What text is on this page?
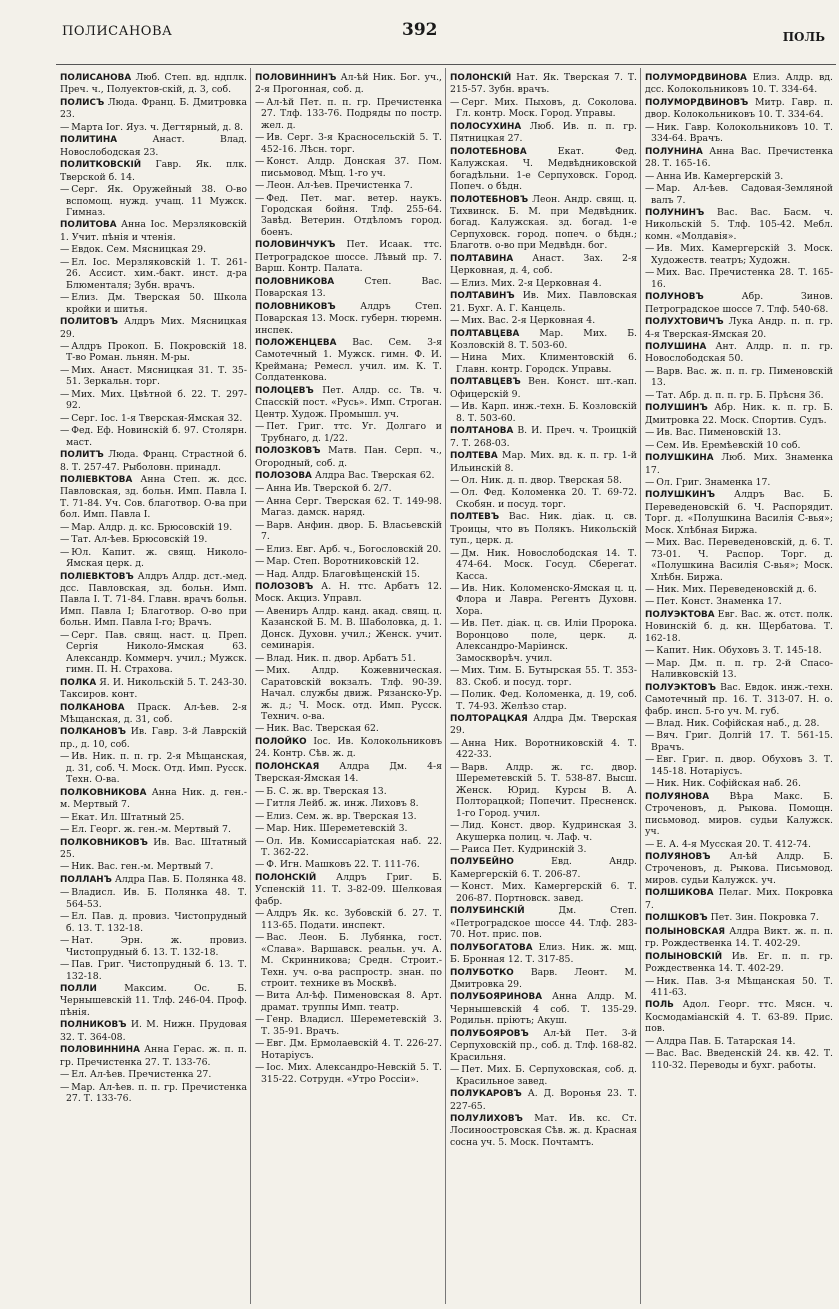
ПОЛИСАНОВА	392	ПОЛЬ
ПОЛИСАНОВА Люб. Степ. вд. ндплк. Преч. ч., Полуектов-скій, д. 3, соб.
ПОЛИСЪ Люда. Франц. Б. Дмитровка 23.
— Марта Іог. Яуз. ч. Дегтярный, д. 8.
ПОЛИТИНА	Анаст. Влад. Новослободская 23.
ПОЛИТКОВСКІЙ Гавр. Як. плк. Тверской б. 14.
— Серг. Як. Оружейный 38. О-во вспомощ. нужд. учащ. 11 Мужск. Гимназ.
ПОЛИТОВА Анна Іос. Мерзляковскій 1. Учит. пѣнія и чтенія.
— Евдок. Сем. Мясницкая 29.
— Ел. Іос. Мерзляковскій 1. Т. 261-26. Ассист. хим.-бакт. инст. д-ра Блюменталя; Зубн. врачъ.
— Елиз. Дм. Тверская 50. Школа кройки и шитья.
ПОЛИТОВЪ Алдръ Мих. Мясницкая 29.
— Алдръ Прокоп. Б. Покровскій 18. Т-во Роман. льнян. М-ры.
— Мих. Анаст. Мясницкая 31. Т. 35-51. Зеркальн. торг.
— Мих. Мих. Цвѣтной б. 22. Т. 297-92.
— Серг. Іос. 1-я Тверская-Ямская 32.
— Фед. Еф. Новинскій б. 97. Столярн. маст.
ПОЛИТЪ Люда. Франц. Страстной б. 8. Т. 257-47. Рыболовн. принадл.
ПОЛІЕВКТОВА Анна Степ. ж. дсс. Павловская, зд. больн. Имп. Павла І. Т. 71-84. Уч. Сов. благотвор. О-ва при бол. Имп. Павла І.
— Мар. Алдр. д. кс. Брюсовскій 19.
— Тат. Ал-ѣев. Брюсовскій 19.
— Юл. Капит. ж. свящ. Николо-Ямская церк. д.
ПОЛІЕВКТОВЪ Алдръ Алдр. дст.-мед. дсс. Павловская, зд. больн. Имп. Павла І. Т. 71-84. Главн. врачъ больн. Имп. Павла І; Благотвор. О-во при больн. Имп. Павла І-го; Врачъ.
— Серг. Пав. свящ. наст. ц. Преп. Сергія Николо-Ямская 63. Александр. Коммерч. учил.; Мужск. гимн. П. Н. Страхова.
ПОЛКА Я. И. Никольскій 5. Т. 243-30. Таксиров. конт.
ПОЛКАНОВА Праск. Ал-ѣев. 2-я Мѣщанская, д. 31, соб.
ПОЛКАНОВЪ Ив. Гавр. 3-й Лаврскій пр., д. 10, соб.
— Ив. Ник. п. п. гр. 2-я Мѣщанская, д. 31, соб. Ч. Моск. Отд. Имп. Русск. Техн. О-ва.
ПОЛКОВНИКОВА Анна Ник. д. ген.-м. Мертвый 7.
— Екат. Ил. Штатный 25.
— Ел. Георг. ж. ген.-м. Мертвый 7.
ПОЛКОВНИКОВЪ Ив. Вас. Штатный 25.
— Ник. Вас. ген.-м. Мертвый 7.
ПОЛЛАНЪ Алдра Пав. Б. Полянка 48.
— Владисл. Ив. Б. Полянка 48. Т. 564-53.
— Ел. Пав. д. провиз. Чистопрудный б. 13. Т. 132-18.
— Нат. Эрн. ж. провиз. Чистопрудный б. 13. Т. 132-18.
— Пав. Григ. Чистопрудный б. 13. Т. 132-18.
ПОЛЛИ	Максим. Ос. Б. Чернышевскій 11. Тлф. 246-04. Проф. пѣнія.
ПОЛНИКОВЪ И. М. Нижн. Прудовая 32. Т. 364-08.
ПОЛОВИННИНА Анна Герас. ж. п. п. гр. Пречистенка 27. Т. 133-76.
— Ел. Ал-ѣев. Пречистенка 27.
— Мар. Ал-ѣев. п. п. гр. Пречистенка 27. Т. 133-76.
ПОЛОВИННИНЪ Ал-ѣй Ник. Бог. уч., 2-я Прогонная, соб. д.
— Ал-ѣй Пет. п. п. гр. Пречистенка 27. Тлф. 133-76. Подряды по постр. жел. д.
— Ив. Серг. 3-я Красносельскій 5. Т. 452-16. Лѣсн. торг.
— Конст. Алдр. Донская 37. Пом. письмовод. Мѣщ. 1-го уч.
— Леон. Ал-ѣев. Пречистенка 7.
— Фед. Пет. маг. ветер. наукъ. Городская бойня. Тлф. 255-64. Завѣд. Ветерин. Отдѣломъ город. боенъ.
ПОЛОВИНЧУКЪ Пет. Исаак. ттс. Петроградское шоссе. Лѣвый пр. 7. Варш. Контр. Палата.
ПОЛОВНИКОВА	Степ. Вас. Поварская 13.
ПОЛОВНИКОВЪ	Алдръ Степ. Поварская 13. Моск. губерн. тюремн. инспек.
ПОЛОЖЕНЦЕВА Вас. Сем. 3-я Самотечный 1. Мужск. гимн. Ф. И. Креймана; Ремесл. учил. им. К. Т. Солдатенкова.
ПОЛОЦЕВЪ Пет. Алдр. сс. Тв. ч. Спасскій пост. «Русь». Имп. Строган. Центр. Худож. Промышл. уч.
— Пет. Григ. ттс. Уг. Долгаго и Трубнаго, д. 1/22.
ПОЛОЗКОВЪ Матв. Пан. Серп. ч., Огородный, соб. д.
ПОЛОЗОВА Алдра Вас. Тверская 62.
— Анна Ив. Тверской б. 2/7.
— Анна Серг. Тверская 62. Т. 149-98. Магаз. дамск. наряд.
— Варв. Анфин. двор. Б. Власьевскій 7.
— Елиз. Евг. Арб. ч., Богословскій 20.
— Мар. Степ. Воротниковскій 12.
— Над. Алдр. Благовѣщенскій 15.
ПОЛОЗОВЪ А. Н. ттс. Арбатъ 12. Моск. Акциз. Управл.
— Авениръ Алдр. канд. акад. свящ. ц. Казанской Б. М. В. Шаболовка, д. 1. Донск. Духовн. учил.; Женск. учит. семинарія.
— Влад. Ник. п. двор. Арбатъ 51.
— Мих. Алдр. Кожевническая. Саратовскій вокзалъ. Тлф. 90-39. Начал. службы движ. Рязанско-Ур. ж. д.; Ч. Моск. отд. Имп. Русск. Технич. о-ва.
— Ник. Вас. Тверская 62.
ПОЛОЙКО Іос. Ив. Колокольниковъ 24. Контр. Сѣв. ж. д.
ПОЛОНСКАЯ Алдра Дм. 4-я Тверская-Ямская 14.
— Б. С. ж. вр. Тверская 13.
— Гитля Лейб. ж. инж. Лиховъ 8.
— Елиз. Сем. ж. вр. Тверская 13.
— Мар. Ник. Шереметевскій 3.
— Ол. Ив. Комиссаріатская наб. 22. Т. 362-22.
— Ф. Игн. Машковъ 22. Т. 111-76.
ПОЛОНСКІЙ Алдръ Григ. Б. Успенскій 11. Т. 3-82-09. Шелковая фабр.
— Алдръ Як. кс. Зубовскій б. 27. Т. 113-65. Подати. инспект.
— Вас. Леон. Б. Лубянка, гост. «Слава». Варшавск. реальн. уч. А. М. Скринникова; Средн. Строит.-Техн. уч. о-ва распростр. знан. по строит. технике въ Москвѣ.
— Вита Ал-ѣф. Пименовская 8. Арт. драмат. труппы Имп. театр.
— Генр. Владисл. Шереметевскій 3. Т. 35-91. Врачъ.
— Евг. Дм. Ермолаевскій 4. Т. 226-27. Нотаріусъ.
— Іос. Мих. Александро-Невскій 5. Т. 315-22. Сотрудн. «Утро Россіи».
ПОЛОНСКІЙ Нат. Як. Тверская 7. Т. 215-57. Зубн. врачъ.
— Серг. Мих. Пыховъ, д. Соколова. Гл. контр. Моск. Город. Управы.
ПОЛОСУХИНА Люб. Ив. п. п. гр. Пятницкая 27.
ПОЛОТЕБНОВА	Екат. Фед. Калужская. Ч. Медвѣдниковской богадѣльни. 1-е Серпуховск. Город. Попеч. о бѣдн.
ПОЛОТЕБНОВЪ Леон. Андр. свящ. ц. Тихвинск. Б. М. при Медвѣдник. богад. Калужская. зд. богад. 1-е Серпуховск. город. попеч. о бѣдн.; Благотв. о-во при Медвѣдн. бог.
ПОЛТАВИНА Анаст. Зах. 2-я Церковная, д. 4, соб.
— Елиз. Мих. 2-я Церковная 4.
ПОЛТАВИНЪ Ив. Мих. Павловская 21. Бухг. А. Г. Канцель.
— Мих. Вас. 2-я Церковная 4.
ПОЛТАВЦЕВА Мар. Мих. Б. Козловскій 8. Т. 503-60.
— Нина Мих. Климентовскій 6. Главн. контр. Городск. Управы.
ПОЛТАВЦЕВЪ Вен. Конст. шт.-кап. Офицерскій 9.
— Ив. Карп. инж.-техн. Б. Козловскій 8. Т. 503-60.
ПОЛТАНОВА В. И. Преч. ч. Троицкій 7. Т. 268-03.
ПОЛТЕВА Мар. Мих. вд. к. п. гр. 1-й Ильинскій 8.
— Ол. Ник. д. п. двор. Тверская 58.
— Ол. Фед. Коломенка 20. Т. 69-72. Скобян. и посуд. торг.
ПОЛТЕВЪ Вас. Ник. діак. ц. св. Троицы, что въ Полякъ. Никольскій туп., церк. д.
— Дм. Ник. Новослободская 14. Т. 474-64. Моск. Госуд. Сберегат. Касса.
— Ив. Ник. Коломенско-Ямская ц. ц. Флора и Лавра. Регентъ Духовн. Хора.
— Ив. Пет. діак. ц. св. Иліи Пророка. Воронцово поле, церк. д. Александро-Маріинск. Замоскворѣч. учил.
— Мих. Тим. Б. Бутырская 55. Т. 353-83. Скоб. и посуд. торг.
— Полик. Фед. Коломенка, д. 19, соб. Т. 74-93. Желѣзо стар.
ПОЛТОРАЦКАЯ Алдра Дм. Тверская 29.
— Анна Ник. Воротниковскій 4. Т. 422-33.
— Варв. Алдр. ж. гс. двор. Шереметевскій 5. Т. 538-87. Высш. Женск. Юрид. Курсы В. А. Полторацкой; Попечит. Пресненск. 1-го Город. учил.
— Лид. Конст. двор. Кудринская 3. Акушерка полиц. ч. Лаф. ч.
— Раиса Пет. Кудринскій 3.
ПОЛУБЕЙНО	Евд. Андр. Камергерскій 6. Т. 206-87.
— Конст. Мих. Камергерскій 6. Т. 206-87. Портновск. завед.
ПОЛУБИНСКІЙ	Дм. Степ. «Петроградское шоссе 44. Тлф. 283-70. Нот. прис. пов.
ПОЛУБОГАТОВА Елиз. Ник. ж. мщ. Б. Бронная 12. Т. 317-85.
ПОЛУБОТКО Варв. Леонт. М. Дмитровка 29.
ПОЛУБОЯРИНОВА Анна Алдр. М. Чернышевскій 4 соб. Т. 135-29. Родильн. пріютъ; Акуш.
ПОЛУБОЯРОВЪ Ал-ѣй Пет. 3-й Серпуховскій пр., соб. д. Тлф. 168-82. Красильня.
— Пет. Мих. Б. Серпуховская, соб. д. Красильное завед.
ПОЛУКАРОВЪ А. Д. Воронья 23. Т. 227-65.
ПОЛУЛИХОВЪ Мат. Ив. кс. Ст. Лосиноостровская Сѣв. ж. д. Красная сосна уч. 5. Моск. Почтамтъ.
ПОЛУМОРДВИНОВА Елиз. Алдр. вд. дсс. Колокольниковъ 10. Т. 334-64.
ПОЛУМОРДВИНОВЪ Митр. Гавр. п. двор. Колокольниковъ 10. Т. 334-64.
— Ник. Гавр. Колокольниковъ 10. Т. 334-64. Врачъ.
ПОЛУНИНА Анна Вас. Пречистенка 28. Т. 165-16.
— Анна Ив. Камергерскій 3.
— Мар. Ал-ѣев. Садовая-Земляной валъ 7.
ПОЛУНИНЪ Вас. Вас. Басм. ч. Никольскій 5. Тлф. 105-42. Мебл. комн. «Молдавія».
— Ив. Мих. Камергерскій 3. Моск. Художеств. театръ; Художн.
— Мих. Вас. Пречистенка 28. Т. 165-16.
ПОЛУНОВЪ	Абр. Зинов. Петроградское шоссе 7. Тлф. 540-68.
ПОЛУХТОВИЧЪ Лука Андр. п. п. гр. 4-я Тверская-Ямская 20.
ПОЛУШИНА Ант. Алдр. п. п. гр. Новослободская 50.
— Варв. Вас. ж. п. п. гр. Пименовскій 13.
— Тат. Абр. д. п. п. гр. Б. Прѣсня 36.
ПОЛУШИНЪ Абр. Ник. к. п. гр. Б. Дмитровка 22. Моск. Спортив. Судъ.
— Ив. Вас. Пименовскій 13.
— Сем. Ив. Еремѣевскій 10 соб.
ПОЛУШКИНА Люб. Мих. Знаменка 17.
— Ол. Григ. Знаменка 17.
ПОЛУШКИНЪ Алдръ Вас. Б. Переведеновскій 6. Ч. Распорядит. Торг. д. «Полушкина Василія С-вья»; Моск. Хлѣбная Биржа.
— Мих. Вас. Переведеновскій, д. 6. Т. 73-01. Ч. Распор. Торг. д. «Полушкина Василія С-вья»; Моск. Хлѣбн. Биржа.
— Ник. Мих. Переведеновскій д. 6.
— Пет. Конст. Знаменка 17.
ПОЛУЭКТОВА Евг. Вас. ж. отст. полк. Новинскій б. д. кн. Щербатова. Т. 162-18.
— Капит. Ник. Обуховъ 3. Т. 145-18.
— Мар. Дм. п. п. гр. 2-й Спасо-Наливковскій 13.
ПОЛУЭКТОВЪ Вас. Евдок. инж.-техн. Самотечный пр. 16. Т. 313-07. Н. о. фабр. инсп. 5-го уч. М. губ.
— Влад. Ник. Софійская наб., д. 28.
— Вяч. Григ. Долгій 17. Т. 561-15. Врачъ.
— Евг. Григ. п. двор. Обуховъ 3. Т. 145-18. Нотаріусъ.
— Ник. Ник. Софійская наб. 26.
ПОЛУЯНОВА Вѣра Макс. Б. Строченовъ, д. Рыкова. Помощн. письмовод. миров. судьи Калужск. уч.
— Е. А. 4-я Мусская 20. Т. 412-74.
ПОЛУЯНОВЪ Ал-ѣй Алдр. Б. Строченовъ, д. Рыкова. Письмовод. миров. судьи Калужск. уч.
ПОЛШИКОВА Пелаг. Мих. Покровка 7.
ПОЛШКОВЪ Пет. Зин. Покровка 7.
ПОЛЫНОВСКАЯ Алдра Викт. ж. п. п. гр. Рождественка 14. Т. 402-29.
ПОЛЫНОВСКІЙ Ив. Ег. п. п. гр. Рождественка 14. Т. 402-29.
— Ник. Пав. 3-я Мѣщанская 50. Т. 411-63.
ПОЛЬ Адол. Георг. ттс. Мясн. ч. Космодаміанскій 4. Т. 63-89. Прис. пов.
— Алдра Пав. Б. Татарская 14.
— Вас. Вас. Введенскій 24. кв. 42. Т. 110-32. Переводы и бухг. работы.
